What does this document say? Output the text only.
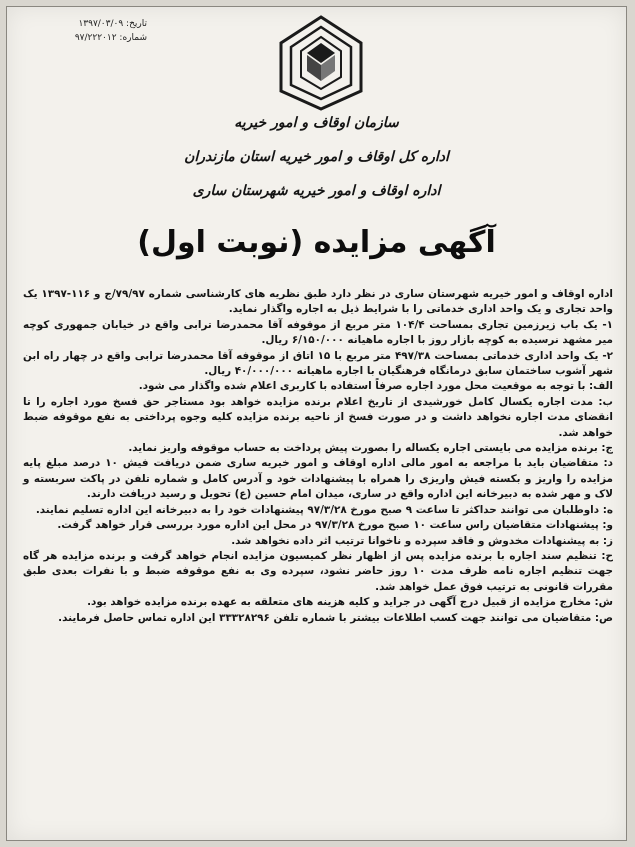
تاریخ: ۱۳۹۷/۰۳/۰۹
شماره: ۹۷/۲۲۲۰۱۲
سازمان اوقاف و امور خیریه
اداره کل اوقاف و امور خیریه استان مازندران
اداره اوقاف و امور خیریه شهرستان ساری
آگهی مزایده (نوبت اول)

اداره اوقاف و امور خیریه شهرستان ساری در نظر دارد طبق نظریه های کارشناسی شماره ۷۹/۹۷/ج و ۱۱۶-۱۳۹۷ یک واحد تجاری و یک واحد اداری خدماتی را با شرایط ذیل به اجاره واگذار نماید.

۱- یک باب زیرزمین تجاری بمساحت ۱۰۴/۴ متر مربع از موقوفه آقا محمدرضا ترابی واقع در خیابان جمهوری کوچه میر مشهد نرسیده به کوچه بازار روز با اجاره ماهیانه ۶/۱۵۰/۰۰۰ ریال.

۲- یک واحد اداری خدماتی بمساحت ۴۹۷/۳۸ متر مربع با ۱۵ اتاق از موقوفه آقا محمدرضا ترابی واقع در چهار راه ابن شهر آشوب ساختمان سابق درمانگاه فرهنگیان با اجاره ماهیانه ۴۰/۰۰۰/۰۰۰ ریال.

الف: با توجه به موقعیت محل مورد اجاره صرفاً استفاده با کاربری اعلام شده واگذار می شود.

ب: مدت اجاره یکسال کامل خورشیدی از تاریخ اعلام برنده مزایده خواهد بود مستاجر حق فسخ مورد اجاره را تا انقضای مدت اجاره نخواهد داشت و در صورت فسخ از ناحیه برنده مزایده کلیه وجوه پرداختی به نفع موقوفه ضبط خواهد شد.

ج: برنده مزایده می بایستی اجاره یکساله را بصورت پیش پرداخت به حساب موقوفه واریز نماید.

د: متقاضیان باید با مراجعه به امور مالی اداره اوقاف و امور خیریه ساری ضمن دریافت فیش ۱۰ درصد مبلغ پایه مزایده را واریز و بکسته فیش واریزی را همراه با پیشنهادات خود و آدرس کامل و شماره تلفن در پاکت سربسته و لاک و مهر شده به دبیرخانه این اداره واقع در ساری، میدان امام حسین (ع) تحویل و رسید دریافت دارند.

ه: داوطلبان می توانند حداکثر تا ساعت ۹ صبح مورخ ۹۷/۳/۲۸ پیشنهادات خود را به دبیرخانه این اداره تسلیم نمایند.

و: پیشنهادات متقاضیان راس ساعت ۱۰ صبح مورخ ۹۷/۳/۲۸ در محل این اداره مورد بررسی قرار خواهد گرفت.

ز: به پیشنهادات مخدوش و فاقد سپرده و ناخوانا ترتیب اثر داده نخواهد شد.

ح: تنظیم سند اجاره با برنده مزایده پس از اظهار نظر کمیسیون مزایده انجام خواهد گرفت و برنده مزایده هر گاه جهت تنظیم اجاره نامه ظرف مدت ۱۰ روز حاضر نشود، سپرده وی به نفع موقوفه ضبط و با نفرات بعدی طبق مقررات قانونی به ترتیب فوق عمل خواهد شد.

ش: مخارج مزایده از قبیل درج آگهی در جراید و کلیه هزینه های متعلقه به عهده برنده مزایده خواهد بود.

ص: متقاضیان می توانند جهت کسب اطلاعات بیشتر با شماره تلفن ۳۳۳۲۸۲۹۶ این اداره تماس حاصل فرمایند.
